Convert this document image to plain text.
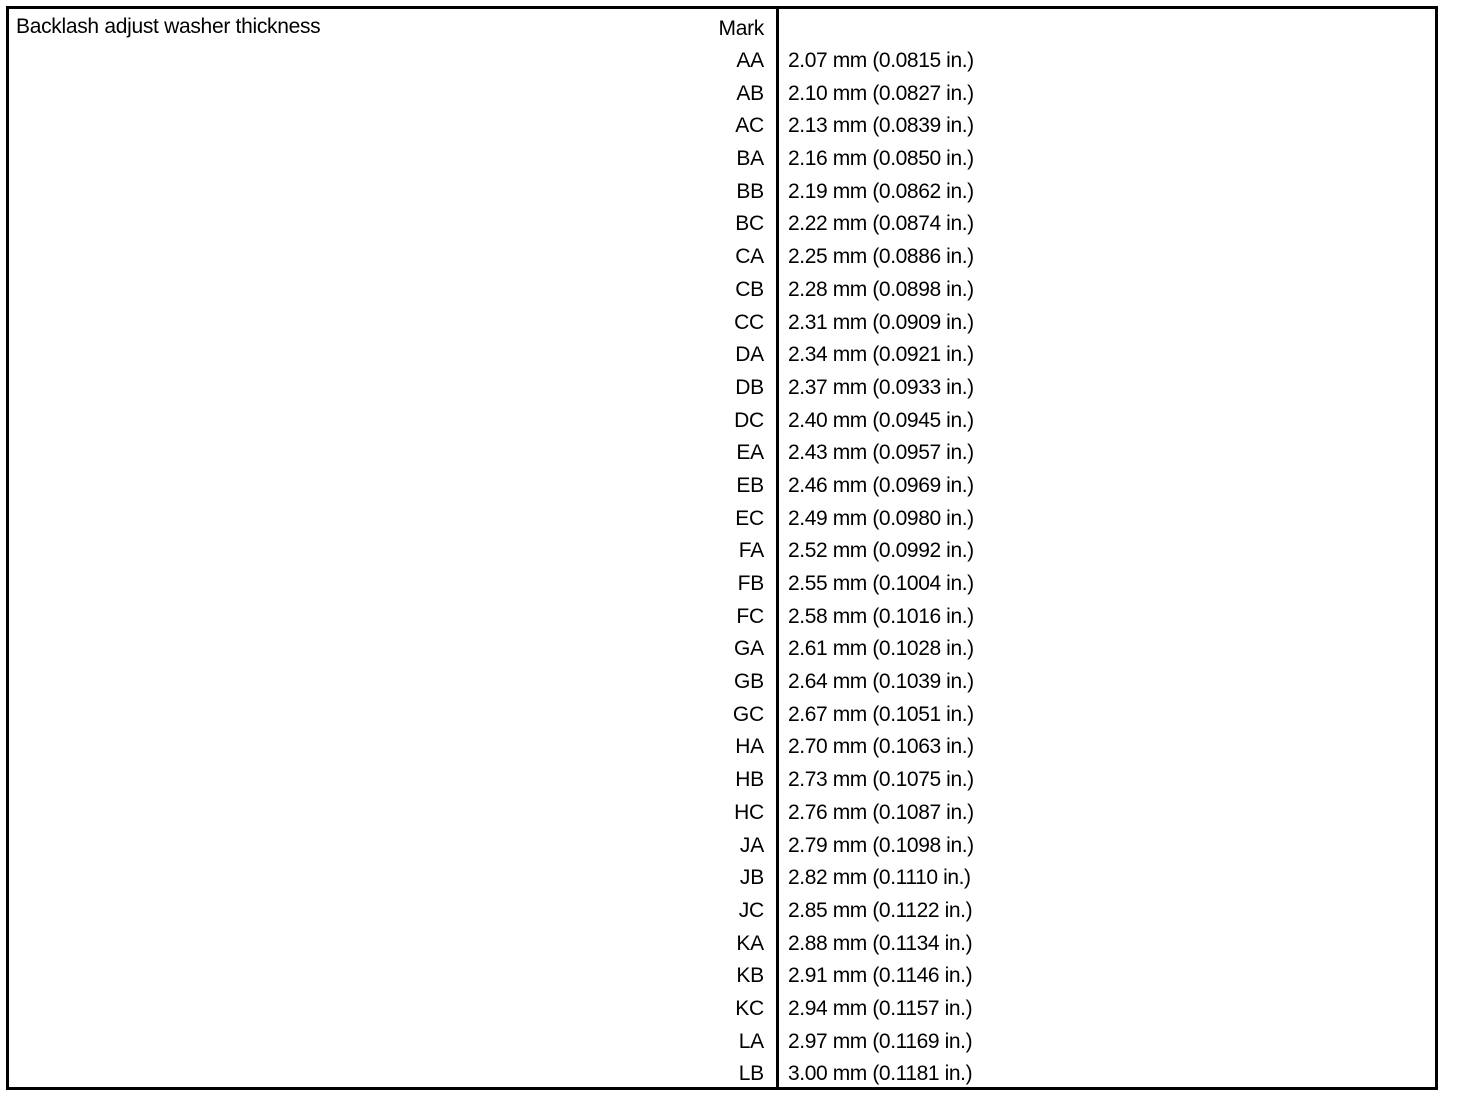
Backlash adjust washer thickness	Mark
AA 2.07 mm (0.0815 in.)
AB 2.10 mm (0.0827 in.)
AC 2.13 mm (0.0839 in.)
BA 2.16 mm (0.0850 in.)
BB 2.19 mm (0.0862 in.)
BC 2.22 mm (0.0874 in.)
CA 2.25 mm (0.0886 in.)
CB 2.28 mm (0.0898 in.)
CC 2.31 mm (0.0909 in.)
DA 2.34 mm (0.0921 in.)
DB 2.37 mm (0.0933 in.)
DC 2.40 mm (0.0945 in.)
EA 2.43 mm (0.0957 in.)
EB 2.46 mm (0.0969 in.)
EC 2.49 mm (0.0980 in.)
FA 2.52 mm (0.0992 in.)
FB 2.55 mm (0.1004 in.)
FC 2.58 mm (0.1016 in.)
GA 2.61 mm (0.1028 in.)
GB 2.64 mm (0.1039 in.)
GC 2.67 mm (0.1051 in.)
HA 2.70 mm (0.1063 in.)
HB 2.73 mm (0.1075 in.)
HC 2.76 mm (0.1087 in.)
JA 2.79 mm (0.1098 in.)
JB 2.82 mm (0.1110 in.)
JC 2.85 mm (0.1122 in.)
KA 2.88 mm (0.1134 in.)
KB 2.91 mm (0.1146 in.)
KC 2.94 mm (0.1157 in.)
LA 2.97 mm (0.1169 in.)
LB 3.00 mm (0.1181 in.)
